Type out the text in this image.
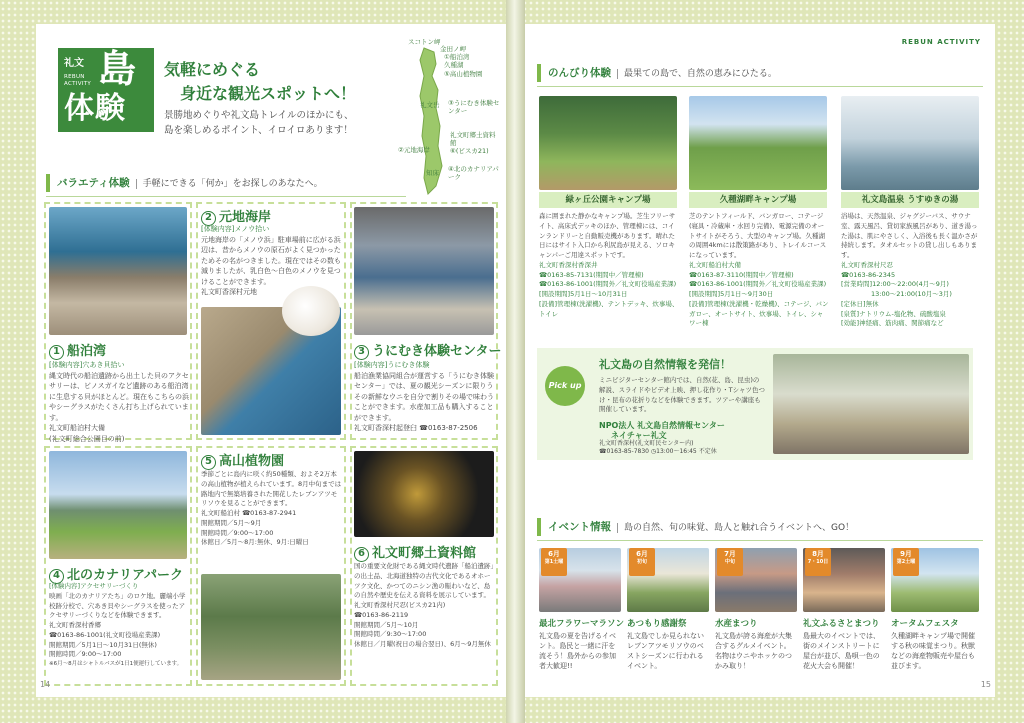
礼文 島
REBUN
ACTIVITY
体験
気軽にめぐる
身近な観光スポットへ！
景勝地めぐりや礼文島トレイルのほかにも、
島を楽しめるポイント、イロイロあります！
スコトン岬
金田ノ岬
①船泊湾
久種湖
⑤高山植物園
礼文岳 ③うにむき体験センター
②元地海岸
礼文町郷土資料館
⑥(ビスカ21)
④北のカナリアパーク
知床
バラエティ体験 手軽にできる「何か」をお探しのあなたへ。
1 船泊湾
[体験内容]穴あき貝拾い
縄文時代の船泊遺跡から出土した貝のアクセサリーは、ビノスガイなど遺跡のある船泊湾に生息する貝がほとんど。現在もこちらの浜やシーグラスがたくさん打ち上げられています。
礼文町船泊村大備
(礼文町総合公園目の前)
2 元地海岸
[体験内容]メノウ拾い
元地海岸の「メノウ浜」駐車場前に広がる浜辺は、昔からメノウの原石がよく見つかったためその名がつきました。現在ではその数も減りましたが、乳白色～白色のメノウを見つけることができます。
礼文町香深村元地
3 うにむき体験センター
[体験内容]うにむき体験
船泊漁業協同組合が運営する「うにむき体験センター」では、夏の観光シーズンに限りうその新鮮なウニを自分で割りその場で味わうことができます。水産加工品も購入することができます。
礼文町香深村起登臼 ☎0163-87-2506
4 北のカナリアパーク
[体験内容]アクセサリーづくり
映画「北のカナリアたち」のロケ地。麗端小学校跡分校で、穴あき貝やシーグラスを使ったアクセサリーづくりなどを体験できます。
礼文町香深村香郷
☎0163-86-1001(礼文町役場産業課)
開館期間／5月1日～10月31日(無休)
開館時間／9:00～17:00
※6月～8月はシャトルバスが1日1便運行しています。
5 高山植物園
季節ごとに島内に咲く約50種類、およそ2万本の高山植物が植えられています。8月中旬までは路地内で無築培養された開花したレブンアツモリソウを見ることができます。
礼文町船泊村 ☎0163-87-2941
開館期間／5月～9月
開館時間／9:00～17:00
休館日／5月～8月:無休、9月:日曜日
6 礼文町郷土資料館
国の重要文化財である縄文時代遺跡「船泊遺跡」の出土品、北海道独特の古代文化であるオホーツク文化、かつてのニシン漁の賑わいなど、島の自然や歴史を伝える資料を展示しています。
礼文町香深村尺忍(ビスカ21内)
☎0163-86-2119
開館期間／5月～10月
開館時間／9:30～17:00
休館日／月曜(祝日の場合翌日)、6月～9月無休
14
REBUN ACTIVITY
のんびり体験 最果ての島で、自然の恵みにひたる。
緑ヶ丘公園キャンプ場
森に囲まれた静かなキャンプ場。芝生フリーサイト、高床式デッキのほか、管理棟には、コインランドリーと自動販売機があります。晴れた日にはサイト入口から利尻島が見える、ソロキャンパーご用達スポットです。
礼文町香深村香深井
☎0163-85-7131(期間中／管理棟)
☎0163-86-1001(期間外／礼文町役場産業課)
[開設期間]5月1日～10月31日
[設備]管理棟(洗濯機)、テントデッキ、炊事場、トイレ
久種湖畔キャンプ場
芝のテントフィールド、バンガロー、コテージ(寝具・冷蔵庫・水回り完備)、電源完備のオートサイトがそろう、大型のキャンプ場。久種湖の周囲4kmには散策路があり、トレイルコースになっています。
礼文町船泊村大備
☎0163-87-3110(期間中／管理棟)
☎0163-86-1001(期間外／礼文町役場産業課)
[開設期間]5月1日～9月30日
[設備]管理棟(洗濯機・乾燥機)、コテージ、バンガロー、オートサイト、炊事場、トイレ、シャワー棟
礼文島温泉 うすゆきの湯
浴場は、天然温泉、ジャグジーバス、サウナ室、露天風呂、貸切家族風呂があり、道き湯った湯は、肌にやさしく、入浴後も長く温かさが持続します。タオルセットの貸し出しもあります。
礼文町香深村尺忍
☎0163-86-2345
[営業時間]12:00～22:00(4月～9月)
13:00～21:00(10月～3月)
[定休日]無休
[泉質]ナトリウム-塩化物、硫酸塩泉
[効能]神経痛、筋肉痛、関節痛など
Pick up
礼文島の自然情報を発信！
ミニビジターセンター館内では、自然(花、島、昆虫)の解説、スライドやビデオ上映、押し花作り・Tシャツ色つけ・昆布の花折りなどを体験できます。ツアーや講座も開催しています。
NPO法人 礼文島自然情報センター
ネイチャー礼文
礼文町香深村(礼文町民センター内)
☎0163-85-7830 ◷13:00～16:45 不定休
イベント情報 島の自然、旬の味覚、島人と触れ合うイベントへ、GO！
6月
第1土曜
6月
初旬
7月
中旬
8月
7・10日
9月
第2土曜
最北フラワーマラソン あつもり感謝祭	水産まつり	礼文ふるさとまつり オータムフェスタ
礼文島の夏を告げるイベント。島民と一緒に汗を流そう！島外からの参加者大歓迎!!
礼文島でしか見られないレブンアツモリソウのベストシーズンに行われるイベント。
礼文島が誇る海産が大集合するグルメイベント。名物はウニやホッケのつかみ取り！
島最大のイベントでは、街のメインストリートに屋台が並び、島唄一色の花火大会も開催！
久種湖畔キャンプ場で開催する秋の味覚まつり。秋獣などの海産物販売や屋台も並びます。
15
